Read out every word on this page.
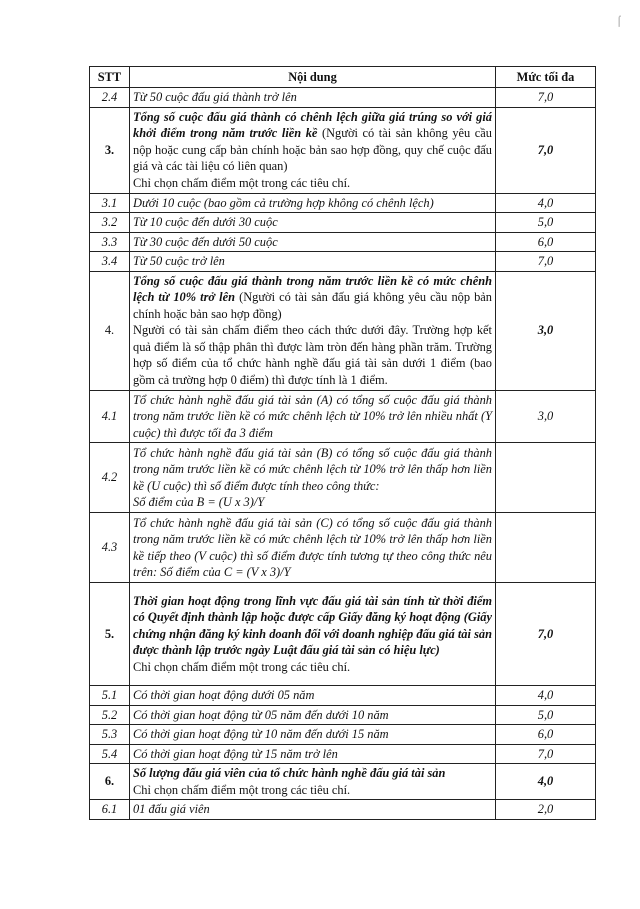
⌠
STT	Nội dung	Mức tối đa
2.4	Từ 50 cuộc đấu giá thành trở lên	7,0
3.	Tổng số cuộc đấu giá thành có chênh lệch giữa giá trúng so với giá khởi điểm trong năm trước liền kề (Người có tài sản không yêu cầu nộp hoặc cung cấp bản chính hoặc bản sao hợp đồng, quy chế cuộc đấu giá và các tài liệu có liên quan)
Chỉ chọn chấm điểm một trong các tiêu chí.	7,0
3.1	Dưới 10 cuộc (bao gồm cả trường hợp không có chênh lệch)	4,0
3.2	Từ 10 cuộc đến dưới 30 cuộc	5,0
3.3	Từ 30 cuộc đến dưới 50 cuộc	6,0
3.4	Từ 50 cuộc trở lên	7,0
4.	Tổng số cuộc đấu giá thành trong năm trước liền kề có mức chênh lệch từ 10% trở lên (Người có tài sản đấu giá không yêu cầu nộp bản chính hoặc bản sao hợp đồng)
Người có tài sản chấm điểm theo cách thức dưới đây. Trường hợp kết quả điểm là số thập phân thì được làm tròn đến hàng phần trăm. Trường hợp số điểm của tổ chức hành nghề đấu giá tài sản dưới 1 điểm (bao gồm cả trường hợp 0 điểm) thì được tính là 1 điểm.	3,0
4.1	Tổ chức hành nghề đấu giá tài sản (A) có tổng số cuộc đấu giá thành trong năm trước liền kề có mức chênh lệch từ 10% trở lên nhiều nhất (Y cuộc) thì được tối đa 3 điểm	3,0
4.2	Tổ chức hành nghề đấu giá tài sản (B) có tổng số cuộc đấu giá thành trong năm trước liền kề có mức chênh lệch từ 10% trở lên thấp hơn liền kề (U cuộc) thì số điểm được tính theo công thức:
Số điểm của B = (U x 3)/Y	
4.3	Tổ chức hành nghề đấu giá tài sản (C) có tổng số cuộc đấu giá thành trong năm trước liền kề có mức chênh lệch từ 10% trở lên thấp hơn liền kề tiếp theo (V cuộc) thì số điểm được tính tương tự theo công thức nêu trên: Số điểm của C = (V x 3)/Y	
5.	Thời gian hoạt động trong lĩnh vực đấu giá tài sản tính từ thời điểm có Quyết định thành lập hoặc được cấp Giấy đăng ký hoạt động (Giấy chứng nhận đăng ký kinh doanh đối với doanh nghiệp đấu giá tài sản được thành lập trước ngày Luật đấu giá tài sản có hiệu lực)
Chỉ chọn chấm điểm một trong các tiêu chí.	7,0
5.1	Có thời gian hoạt động dưới 05 năm	4,0
5.2	Có thời gian hoạt động từ 05 năm đến dưới 10 năm	5,0
5.3	Có thời gian hoạt động từ 10 năm đến dưới 15 năm	6,0
5.4	Có thời gian hoạt động từ 15 năm trở lên	7,0
6.	Số lượng đấu giá viên của tổ chức hành nghề đấu giá tài sản
Chỉ chọn chấm điểm một trong các tiêu chí.	4,0
6.1	01 đấu giá viên	2,0
